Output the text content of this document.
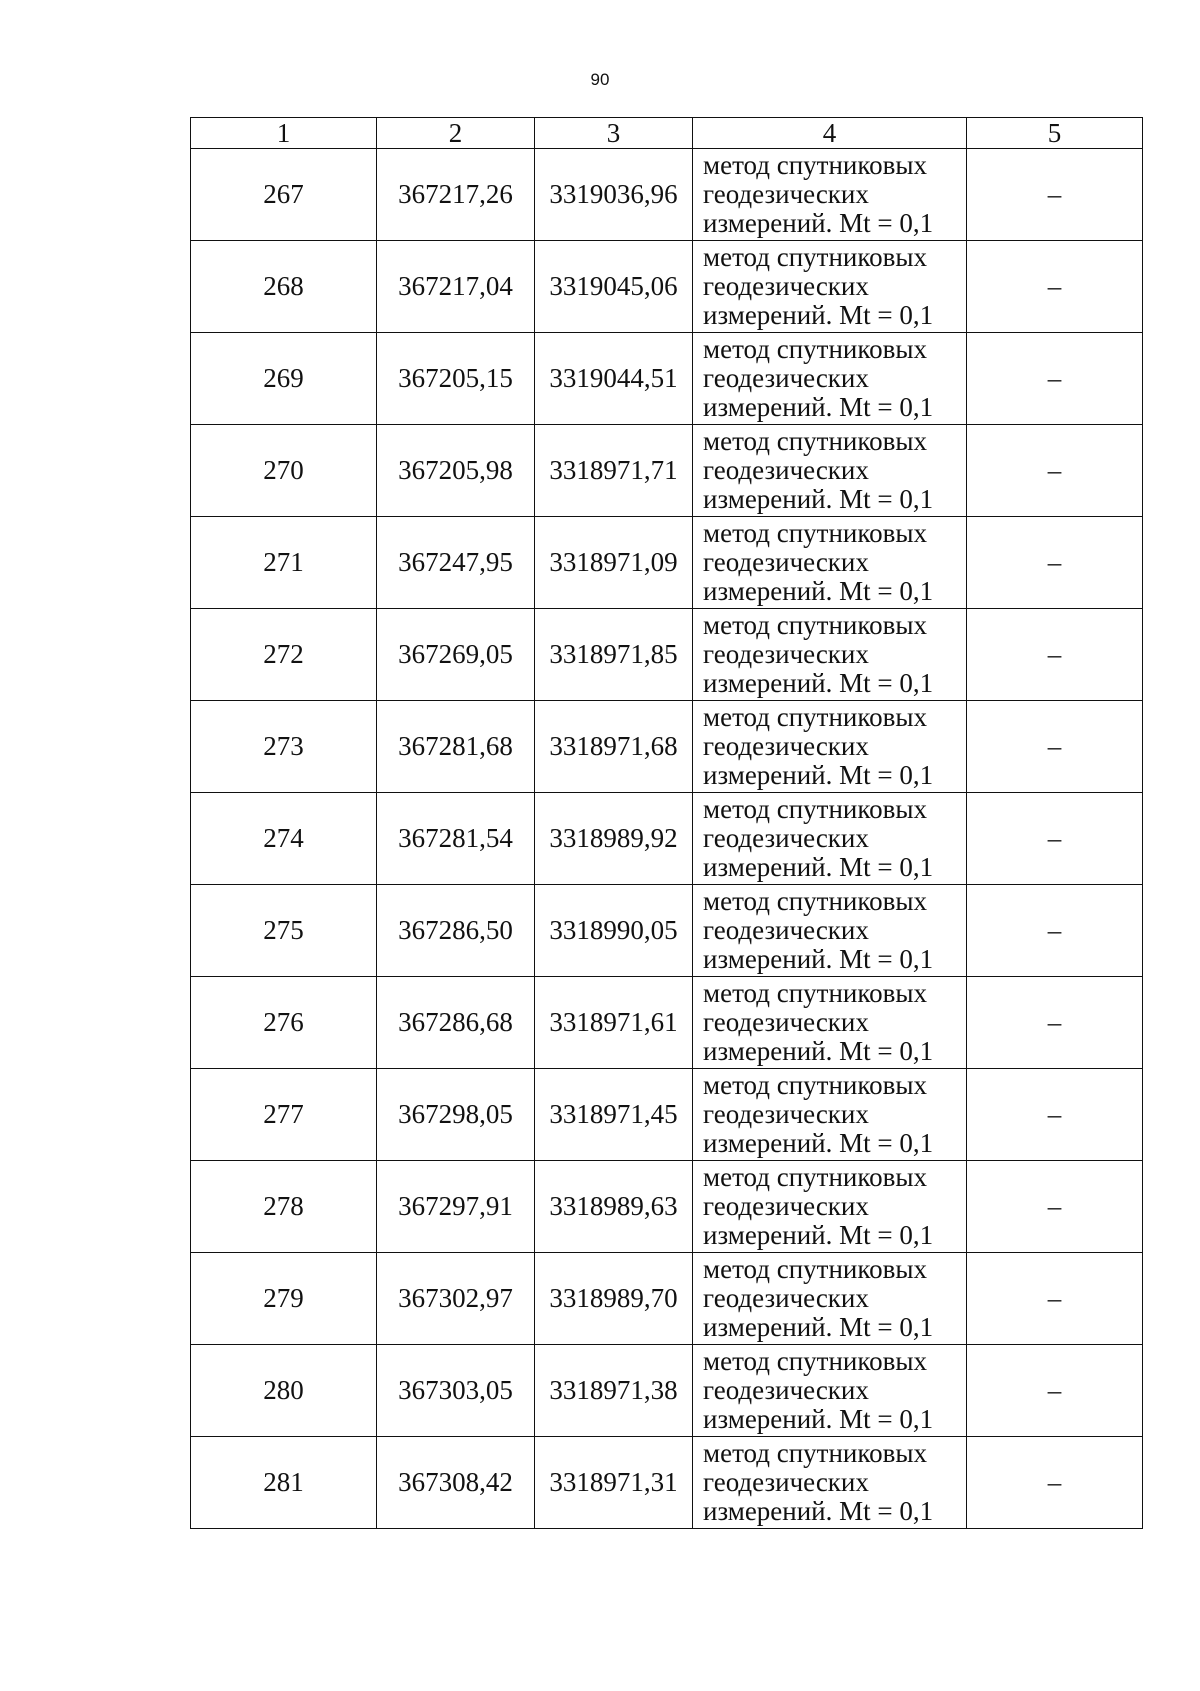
90
1	2	3	4	5
267	367217,26	3319036,96	метод спутниковых
геодезических
измерений. Mt = 0,1	–
268	367217,04	3319045,06	метод спутниковых
геодезических
измерений. Mt = 0,1	–
269	367205,15	3319044,51	метод спутниковых
геодезических
измерений. Mt = 0,1	–
270	367205,98	3318971,71	метод спутниковых
геодезических
измерений. Mt = 0,1	–
271	367247,95	3318971,09	метод спутниковых
геодезических
измерений. Mt = 0,1	–
272	367269,05	3318971,85	метод спутниковых
геодезических
измерений. Mt = 0,1	–
273	367281,68	3318971,68	метод спутниковых
геодезических
измерений. Mt = 0,1	–
274	367281,54	3318989,92	метод спутниковых
геодезических
измерений. Mt = 0,1	–
275	367286,50	3318990,05	метод спутниковых
геодезических
измерений. Mt = 0,1	–
276	367286,68	3318971,61	метод спутниковых
геодезических
измерений. Mt = 0,1	–
277	367298,05	3318971,45	метод спутниковых
геодезических
измерений. Mt = 0,1	–
278	367297,91	3318989,63	метод спутниковых
геодезических
измерений. Mt = 0,1	–
279	367302,97	3318989,70	метод спутниковых
геодезических
измерений. Mt = 0,1	–
280	367303,05	3318971,38	метод спутниковых
геодезических
измерений. Mt = 0,1	–
281	367308,42	3318971,31	метод спутниковых
геодезических
измерений. Mt = 0,1	–
